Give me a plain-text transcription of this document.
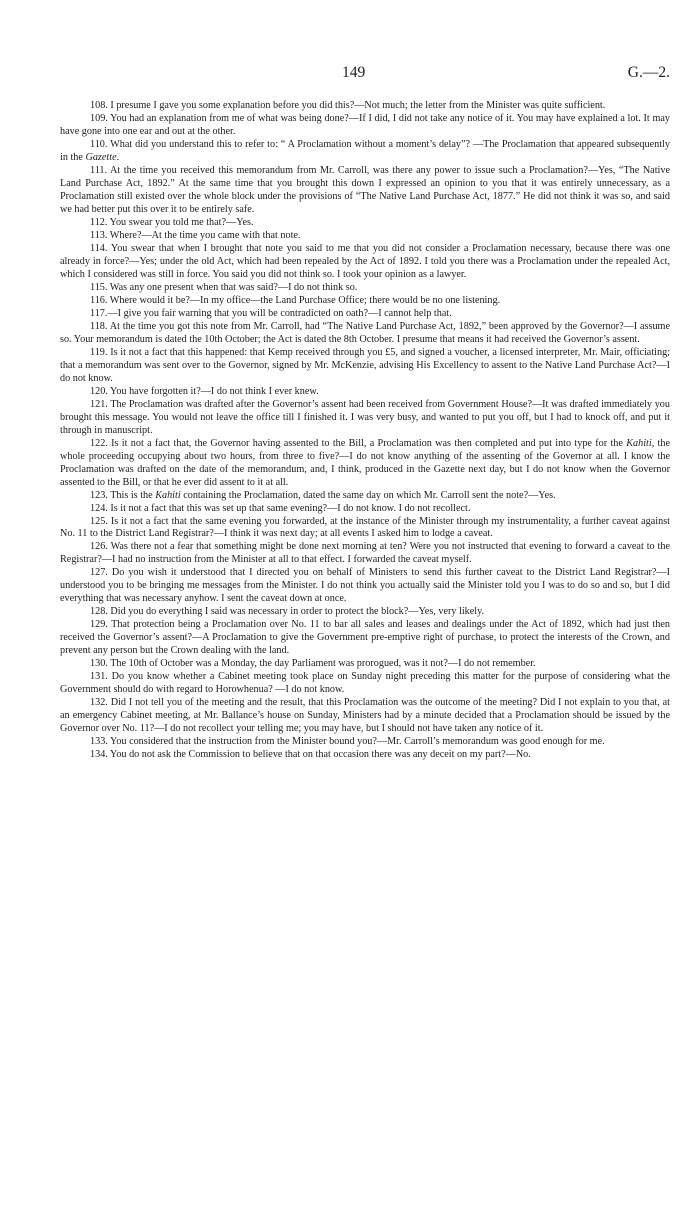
149	G.—2.

108. I presume I gave you some explanation before you did this?—Not much; the letter from the Minister was quite sufficient.

109. You had an explanation from me of what was being done?—If I did, I did not take any notice of it. You may have explained a lot. It may have gone into one ear and out at the other.

110. What did you understand this to refer to: “ A Proclamation without a moment’s delay”? —The Proclamation that appeared subsequently in the Gazette.

111. At the time you received this memorandum from Mr. Carroll, was there any power to issue such a Proclamation?—Yes, “The Native Land Purchase Act, 1892.” At the same time that you brought this down I expressed an opinion to you that it was entirely unnecessary, as a Proclamation still existed over the whole block under the provisions of “The Native Land Purchase Act, 1877.” He did not think it was so, and said we had better put this over it to be entirely safe.

112. You swear you told me that?—Yes.

113. Where?—At the time you came with that note.

114. You swear that when I brought that note you said to me that you did not consider a Proclamation necessary, because there was one already in force?—Yes; under the old Act, which had been repealed by the Act of 1892. I told you there was a Proclamation under the repealed Act, which I considered was still in force. You said you did not think so. I took your opinion as a lawyer.

115. Was any one present when that was said?—I do not think so.

116. Where would it be?—In my office—the Land Purchase Office; there would be no one listening.

117.—I give you fair warning that you will be contradicted on oath?—I cannot help that.

118. At the time you got this note from Mr. Carroll, had “The Native Land Purchase Act, 1892,” been approved by the Governor?—I assume so. Your memorandum is dated the 10th October; the Act is dated the 8th October. I presume that means it had received the Governor’s assent.

119. Is it not a fact that this happened: that Kemp received through you £5, and signed a voucher, a licensed interpreter, Mr. Mair, officiating; that a memorandum was sent over to the Governor, signed by Mr. McKenzie, advising His Excellency to assent to the Native Land Purchase Act?—I do not know.

120. You have forgotten it?—I do not think I ever knew.

121. The Proclamation was drafted after the Governor’s assent had been received from Government House?—It was drafted immediately you brought this message. You would not leave the office till I finished it. I was very busy, and wanted to put you off, but I had to knock off, and put it through in manuscript.

122. Is it not a fact that, the Governor having assented to the Bill, a Proclamation was then completed and put into type for the Kahiti, the whole proceeding occupying about two hours, from three to five?—I do not know anything of the assenting of the Governor at all. I know the Proclamation was drafted on the date of the memorandum, and, I think, produced in the Gazette next day, but I do not know when the Governor assented to the Bill, or that he ever did assent to it at all.

123. This is the Kahiti containing the Proclamation, dated the same day on which Mr. Carroll sent the note?—Yes.

124. Is it not a fact that this was set up that same evening?—I do not know. I do not recollect.

125. Is it not a fact that the same evening you forwarded, at the instance of the Minister through my instrumentality, a further caveat against No. 11 to the District Land Registrar?—I think it was next day; at all events I asked him to lodge a caveat.

126. Was there not a fear that something might be done next morning at ten? Were you not instructed that evening to forward a caveat to the Registrar?—I had no instruction from the Minister at all to that effect. I forwarded the caveat myself.

127. Do you wish it understood that I directed you on behalf of Ministers to send this further caveat to the District Land Registrar?—I understood you to be bringing me messages from the Minister. I do not think you actually said the Minister told you I was to do so and so, but I did everything that was necessary anyhow. I sent the caveat down at once.

128. Did you do everything I said was necessary in order to protect the block?—Yes, very likely.

129. That protection being a Proclamation over No. 11 to bar all sales and leases and dealings under the Act of 1892, which had just then received the Governor’s assent?—A Proclamation to give the Government pre-emptive right of purchase, to protect the interests of the Crown, and prevent any person but the Crown dealing with the land.

130. The 10th of October was a Monday, the day Parliament was prorogued, was it not?—I do not remember.

131. Do you know whether a Cabinet meeting took place on Sunday night preceding this matter for the purpose of considering what the Government should do with regard to Horowhenua? —I do not know.

132. Did I not tell you of the meeting and the result, that this Proclamation was the outcome of the meeting? Did I not explain to you that, at an emergency Cabinet meeting, at Mr. Ballance’s house on Sunday, Ministers had by a minute decided that a Proclamation should be issued by the Governor over No. 11?—I do not recollect your telling me; you may have, but I should not have taken any notice of it.

133. You considered that the instruction from the Minister bound you?—Mr. Carroll’s memorandum was good enough for me.

134. You do not ask the Commission to believe that on that occasion there was any deceit on my part?—No.
